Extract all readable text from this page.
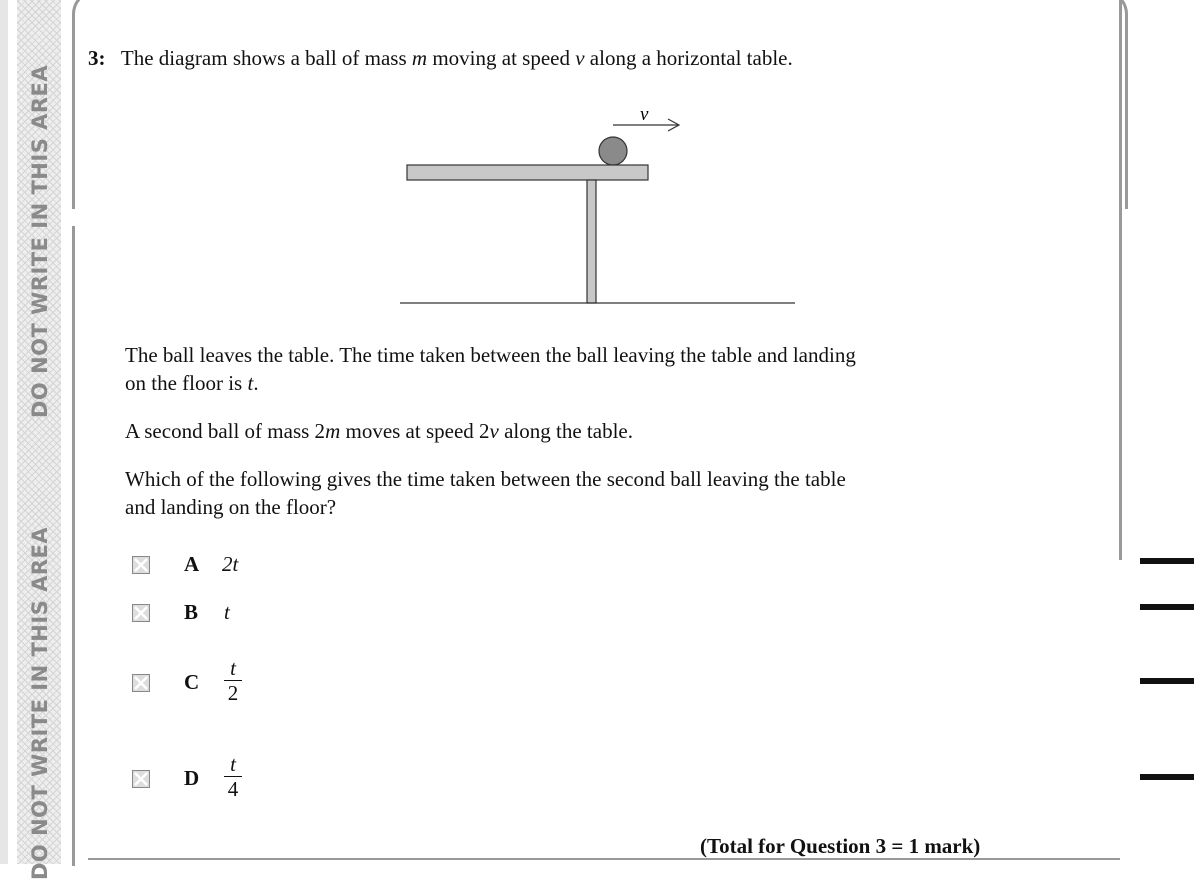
DO NOT WRITE IN THIS AREA
DO NOT WRITE IN THIS AREA
3: The diagram shows a ball of mass m moving at speed v along a horizontal table.
v
The ball leaves the table. The time taken between the ball leaving the table and landing
on the floor is t.
A second ball of mass 2m moves at speed 2v along the table.
Which of the following gives the time taken between the second ball leaving the table
and landing on the floor?
A 2t
B t
C $\frac{t}{2}$
D $\frac{t}{4}$
(Total for Question 3 = 1 mark)
